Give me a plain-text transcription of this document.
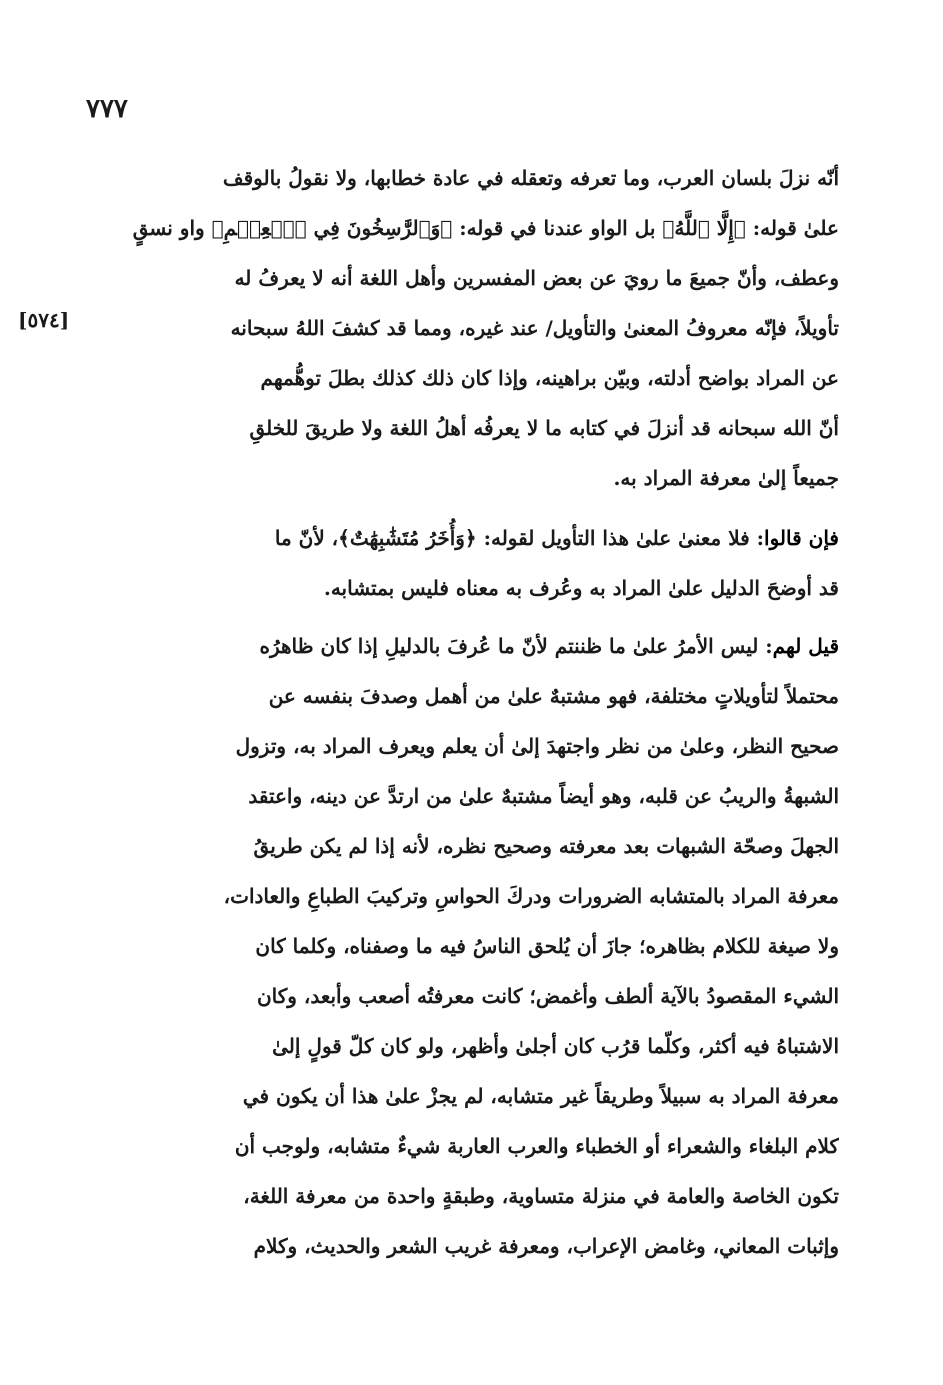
٧٧٧
[٥٧٤]
أنّه نزلَ بلسان العرب، وما تعرفه وتعقله في عادة خطابها، ولا نقولُ بالوقف
علىٰ قوله: ﴿إِلَّا ٱللَّهُ﴾ بل الواو عندنا في قوله: ﴿وَٱلرَّٰسِخُونَ فِي ٱلۡعِلۡمِ﴾ واو نسقٍ
وعطف، وأنّ جميعَ ما رويَ عن بعض المفسرين وأهل اللغة أنه لا يعرفُ له
تأويلاً، فإنّه معروفُ المعنىٰ والتأويل/ عند غيره، ومما قد كشفَ اللهُ سبحانه
عن المراد بواضح أدلته، وبيّن براهينه، وإذا كان ذلك كذلك بطلَ توهُّمهم
أنّ الله سبحانه قد أنزلَ في كتابه ما لا يعرفُه أهلُ اللغة ولا طريقَ للخلقِ
جميعاً إلىٰ معرفة المراد به.
فإن قالوا: فلا معنىٰ علىٰ هذا التأويل لقوله: ﴿وَأُخَرُ مُتَشَٰبِهَٰتٌ﴾، لأنّ ما
قد أوضحَ الدليل علىٰ المراد به وعُرف به معناه فليس بمتشابه.
قيل لهم: ليس الأمرُ علىٰ ما ظننتم لأنّ ما عُرفَ بالدليلِ إذا كان ظاهرُه
محتملاً لتأويلاتٍ مختلفة، فهو مشتبهٌ علىٰ من أهمل وصدفَ بنفسه عن
صحيح النظر، وعلىٰ من نظر واجتهدَ إلىٰ أن يعلم ويعرف المراد به، وتزول
الشبهةُ والريبُ عن قلبه، وهو أيضاً مشتبهٌ علىٰ من ارتدَّ عن دينه، واعتقد
الجهلَ وصحّة الشبهات بعد معرفته وصحيح نظره، لأنه إذا لم يكن طريقُ
معرفة المراد بالمتشابه الضرورات ودركَ الحواسِ وتركيبَ الطباعِ والعادات،
ولا صيغة للكلام بظاهره؛ جازَ أن يُلحق الناسُ فيه ما وصفناه، وكلما كان
الشيء المقصودُ بالآية ألطف وأغمض؛ كانت معرفتُه أصعب وأبعد، وكان
الاشتباهُ فيه أكثر، وكلّما قرُب كان أجلىٰ وأظهر، ولو كان كلّ قولٍ إلىٰ
معرفة المراد به سبيلاً وطريقاً غير متشابه، لم يجزْ علىٰ هذا أن يكون في
كلام البلغاء والشعراء أو الخطباء والعرب العاربة شيءٌ متشابه، ولوجب أن
تكون الخاصة والعامة في منزلة متساوية، وطبقةٍ واحدة من معرفة اللغة،
وإثبات المعاني، وغامض الإعراب، ومعرفة غريب الشعر والحديث، وكلام
